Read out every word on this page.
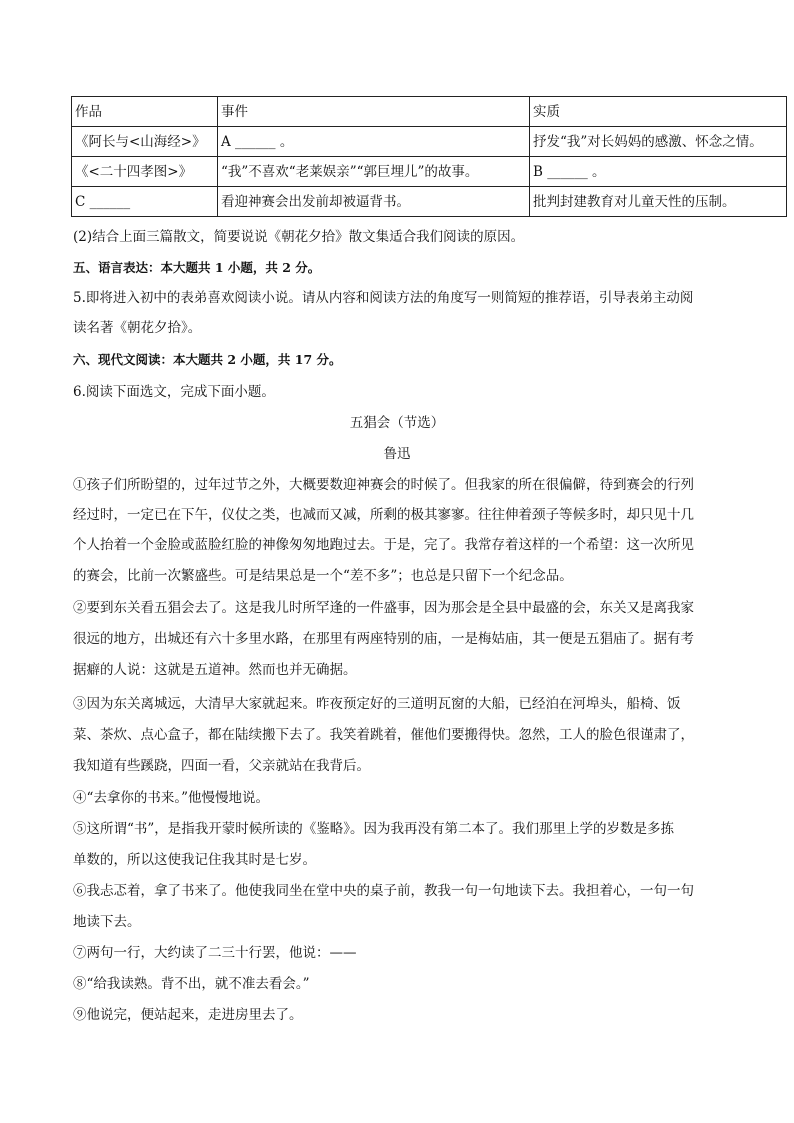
作品	事件	实质
《阿长与<山海经>》	A ______ 。	抒发“我”对长妈妈的感激、怀念之情。
《<二十四孝图>》	“我”不喜欢“老莱娱亲”“郭巨埋儿”的故事。	B ______ 。
C ______	看迎神赛会出发前却被逼背书。	批判封建教育对儿童天性的压制。
(2)结合上面三篇散文，简要说说《朝花夕拾》散文集适合我们阅读的原因。
五、语言表达：本大题共 1 小题，共 2 分。
5.即将进入初中的表弟喜欢阅读小说。请从内容和阅读方法的角度写一则简短的推荐语，引导表弟主动阅
读名著《朝花夕拾》。
六、现代文阅读：本大题共 2 小题，共 17 分。
6.阅读下面选文，完成下面小题。
五猖会（节选）
鲁迅
①孩子们所盼望的，过年过节之外，大概要数迎神赛会的时候了。但我家的所在很偏僻，待到赛会的行列
经过时，一定已在下午，仪仗之类，也减而又减，所剩的极其寥寥。往往伸着颈子等候多时，却只见十几
个人抬着一个金脸或蓝脸红脸的神像匆匆地跑过去。于是，完了。我常存着这样的一个希望：这一次所见
的赛会，比前一次繁盛些。可是结果总是一个“差不多”；也总是只留下一个纪念品。
②要到东关看五猖会去了。这是我儿时所罕逢的一件盛事，因为那会是全县中最盛的会，东关又是离我家
很远的地方，出城还有六十多里水路，在那里有两座特别的庙，一是梅姑庙，其一便是五猖庙了。据有考
据癖的人说：这就是五道神。然而也并无确据。
③因为东关离城远，大清早大家就起来。昨夜预定好的三道明瓦窗的大船，已经泊在河埠头，船椅、饭
菜、茶炊、点心盒子，都在陆续搬下去了。我笑着跳着，催他们要搬得快。忽然，工人的脸色很谨肃了，
我知道有些蹊跷，四面一看，父亲就站在我背后。
④“去拿你的书来。”他慢慢地说。
⑤这所谓“书”，是指我开蒙时候所读的《鉴略》。因为我再没有第二本了。我们那里上学的岁数是多拣
单数的，所以这使我记住我其时是七岁。
⑥我忐忑着，拿了书来了。他使我同坐在堂中央的桌子前，教我一句一句地读下去。我担着心，一句一句
地读下去。
⑦两句一行，大约读了二三十行罢，他说：——
⑧“给我读熟。背不出，就不准去看会。”
⑨他说完，便站起来，走进房里去了。
